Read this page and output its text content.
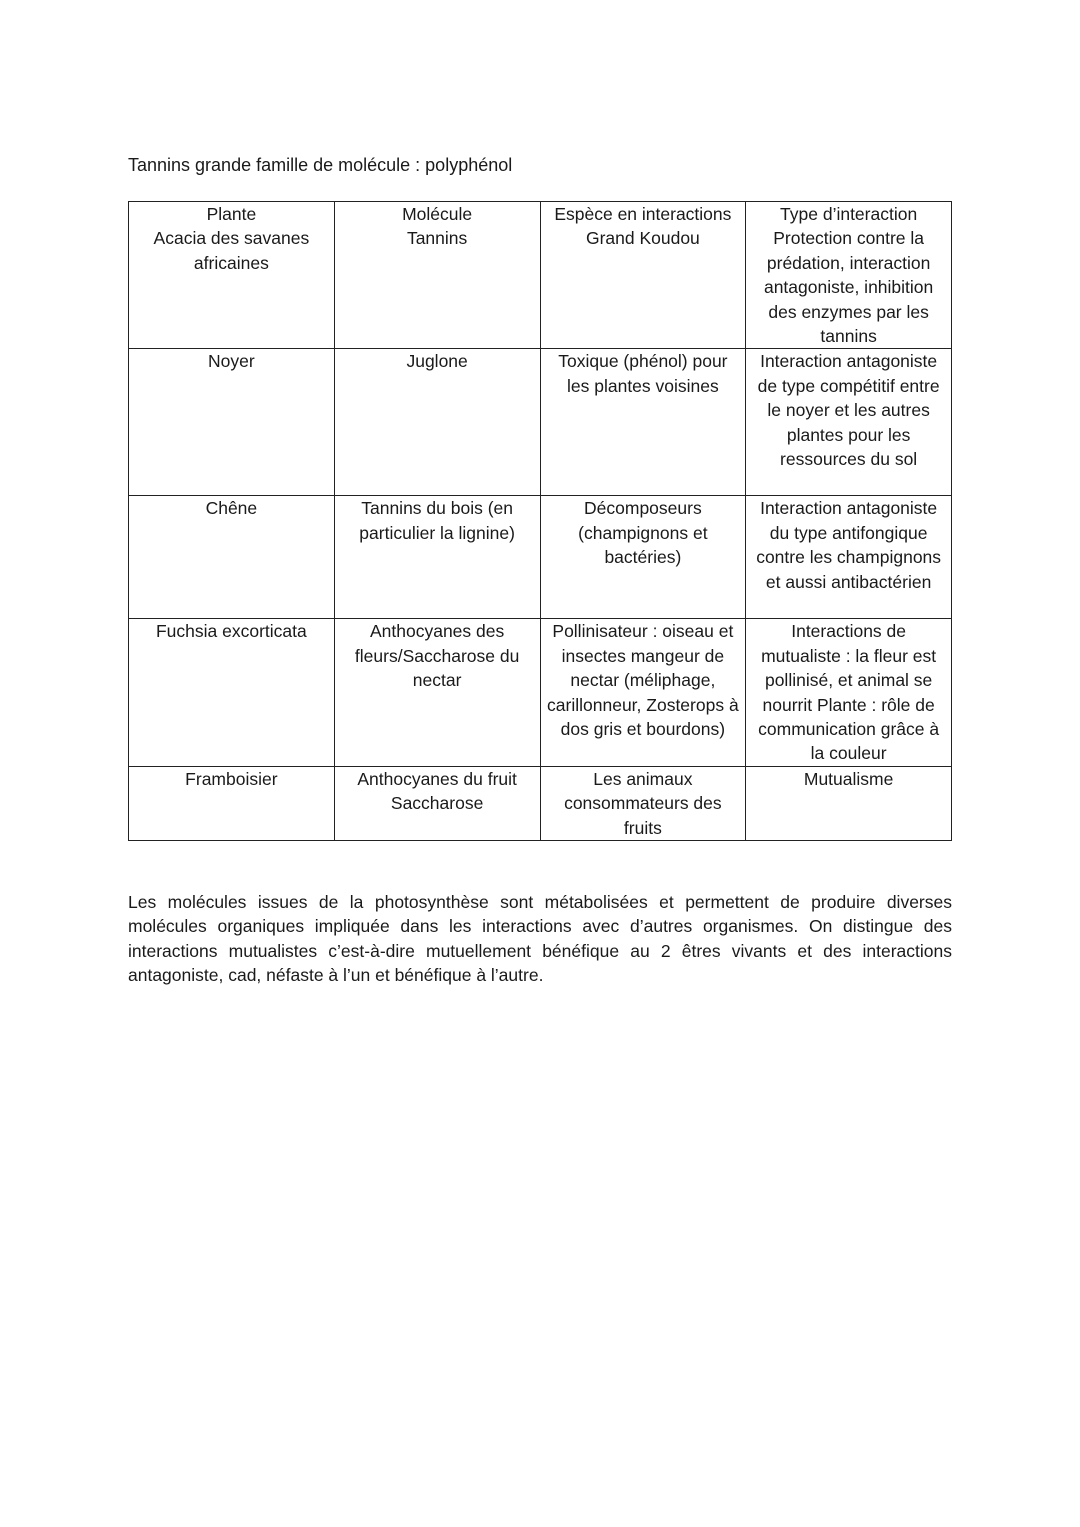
Tannins grande famille de molécule : polyphénol
Plante	Molécule	Espèce en interactions	Type d’interaction
Acacia des savanes africaines	Tannins	Grand Koudou	Protection contre la prédation, interaction antagoniste, inhibition des enzymes par les tannins
Noyer	Juglone	Toxique (phénol) pour les plantes voisines	Interaction antagoniste de type compétitif entre le noyer et les autres plantes pour les ressources du sol
Chêne	Tannins du bois (en particulier la lignine)	Décomposeurs (champignons et bactéries)	Interaction antagoniste du type antifongique contre les champignons et aussi antibactérien
Fuchsia excorticata	Anthocyanes des fleurs/Saccharose du nectar	Pollinisateur : oiseau et insectes mangeur de nectar (méliphage, carillonneur, Zosterops à dos gris et bourdons)	Interactions de mutualiste : la fleur est pollinisé, et animal se nourrit Plante : rôle de communication grâce à la couleur
Framboisier	Anthocyanes du fruit Saccharose	Les animaux consommateurs des fruits	Mutualisme

Les molécules issues de la photosynthèse sont métabolisées et permettent de produire diverses molécules organiques impliquée dans les interactions avec d’autres organismes. On distingue des interactions mutualistes c’est-à-dire mutuellement bénéfique au 2 êtres vivants et des interactions antagoniste, cad, néfaste à l’un et bénéfique à l’autre.
